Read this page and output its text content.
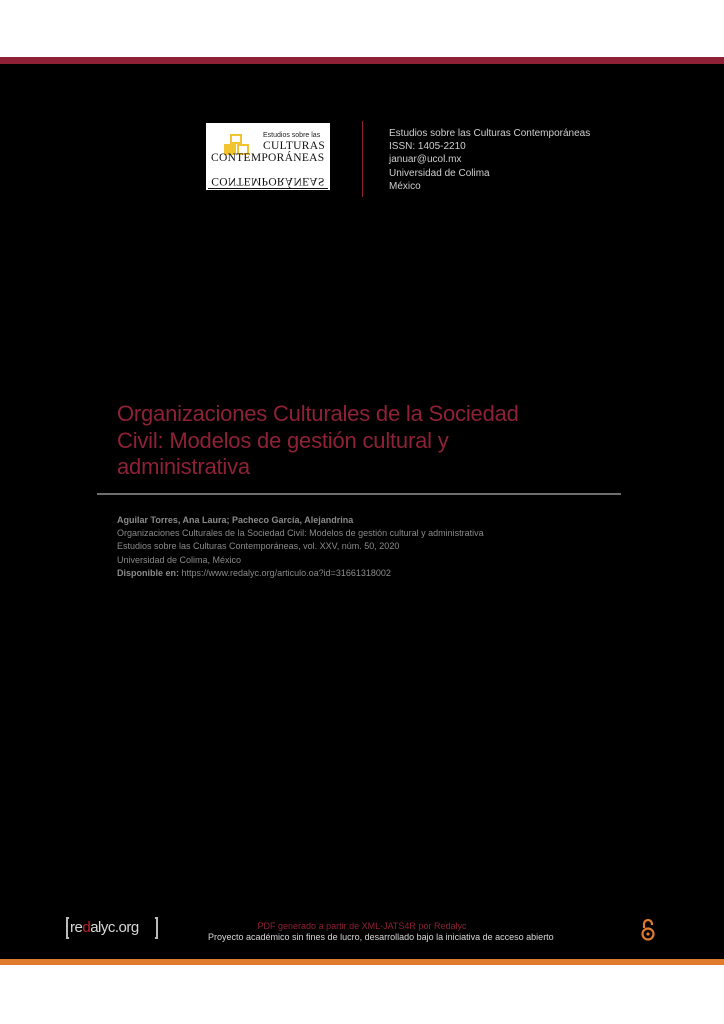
Estudios sobre las
CULTURAS
CONTEMPORÁNEAS
CONTEMPORÁNEAS
Estudios sobre las Culturas Contemporáneas
ISSN: 1405-2210
januar@ucol.mx
Universidad de Colima
México
Organizaciones Culturales de la Sociedad
Civil: Modelos de gestión cultural y
administrativa
Aguilar Torres, Ana Laura; Pacheco García, Alejandrina
Organizaciones Culturales de la Sociedad Civil: Modelos de gestión cultural y administrativa
Estudios sobre las Culturas Contemporáneas, vol. XXV, núm. 50, 2020
Universidad de Colima, México
Disponible en: https://www.redalyc.org/articulo.oa?id=31661318002
redalyc.org	PDF generado a partir de XML-JATS4R por Redalyc
Proyecto académico sin fines de lucro, desarrollado bajo la iniciativa de acceso abierto
